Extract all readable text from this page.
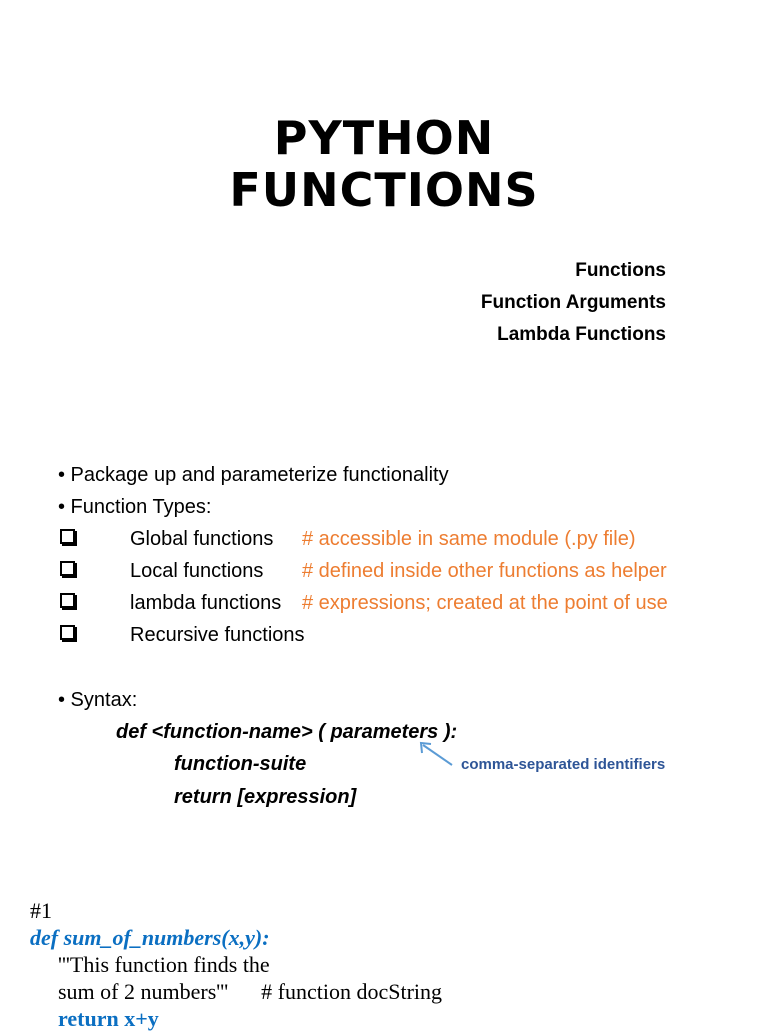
PYTHON
FUNCTIONS
Functions
Function Arguments
Lambda Functions
• Package up and parameterize functionality
• Function Types:
Global functions # accessible in same module (.py file)
Local functions # defined inside other functions as helper
lambda functions # expressions; created at the point of use
Recursive functions
• Syntax:
def <function-name> ( parameters ):
function-suite
return [expression]
comma-separated identifiers
#1
def sum_of_numbers(x,y):
'''This function finds the
sum of 2 numbers'''      # function docString
return x+y
